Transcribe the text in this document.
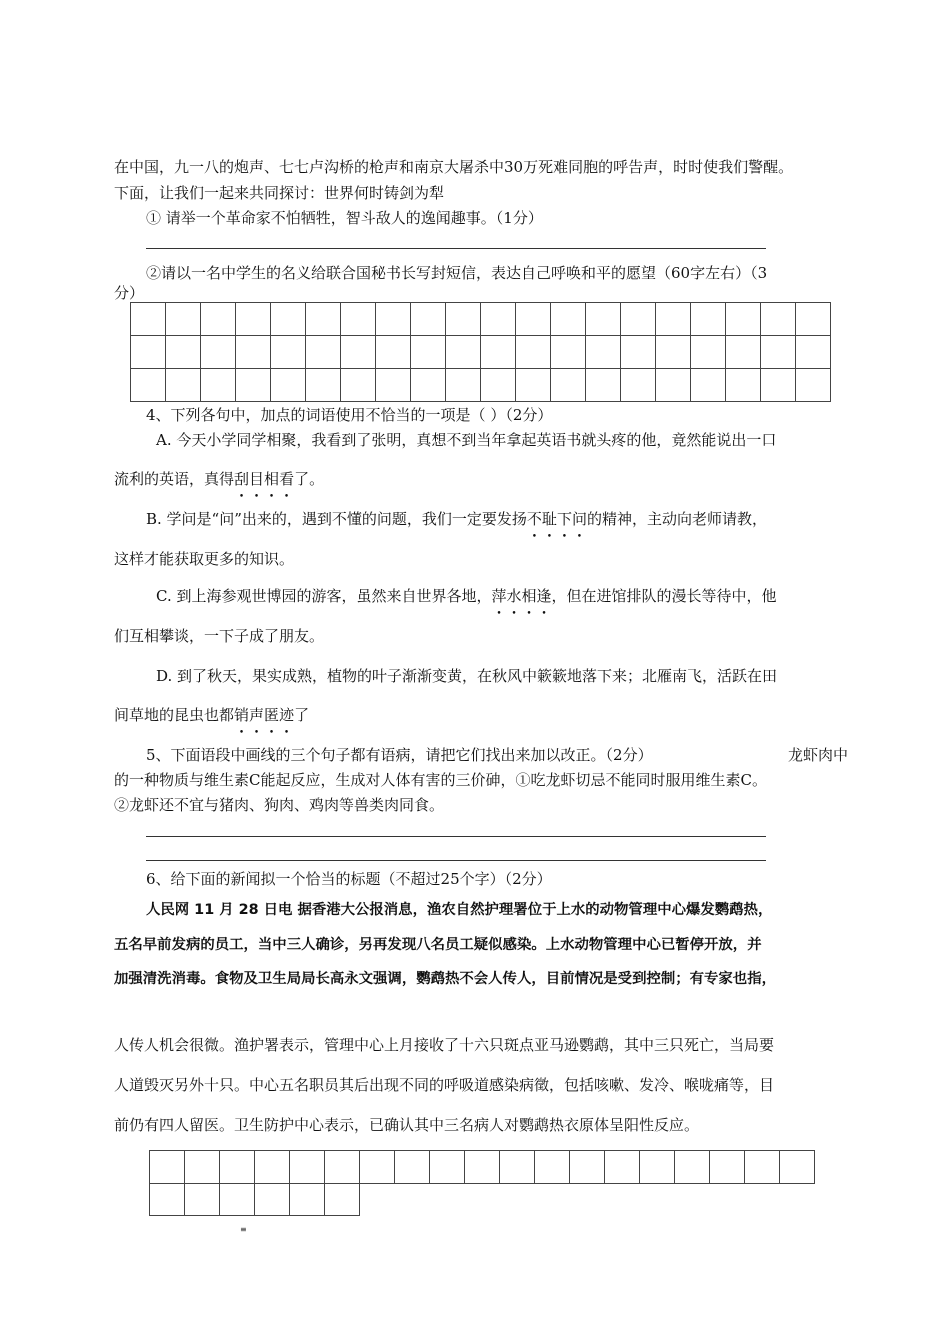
在中国，九一八的炮声、七七卢沟桥的枪声和南京大屠杀中30万死难同胞的呼告声，时时使我们警醒。
下面，让我们一起来共同探讨：世界何时铸剑为犁
① 请举一个革命家不怕牺牲，智斗敌人的逸闻趣事。（1分）
②请以一名中学生的名义给联合国秘书长写封短信，表达自己呼唤和平的愿望（60字左右）（3
分）

4、下列各句中，加点的词语使用不恰当的一项是（ ）（2分）
A. 今天小学同学相聚，我看到了张明，真想不到当年拿起英语书就头疼的他，竟然能说出一口
流利的英语，真得刮目相看了。
B. 学问是“问”出来的，遇到不懂的问题，我们一定要发扬不耻下问的精神，主动向老师请教，
这样才能获取更多的知识。
C. 到上海参观世博园的游客，虽然来自世界各地，萍水相逢，但在进馆排队的漫长等待中，他
们互相攀谈，一下子成了朋友。
D. 到了秋天，果实成熟，植物的叶子渐渐变黄，在秋风中簌簌地落下来；北雁南飞，活跃在田
间草地的昆虫也都销声匿迹了
5、下面语段中画线的三个句子都有语病，请把它们找出来加以改正。（2分）	龙虾肉中
的一种物质与维生素C能起反应，生成对人体有害的三价砷，①吃龙虾切忌不能同时服用维生素C。
②龙虾还不宜与猪肉、狗肉、鸡肉等兽类肉同食。
6、给下面的新闻拟一个恰当的标题（不超过25个字）（2分）
人民网 11 月 28 日电 据香港大公报消息，渔农自然护理署位于上水的动物管理中心爆发鹦鹉热，
五名早前发病的员工，当中三人确诊，另再发现八名员工疑似感染。上水动物管理中心已暂停开放，并
加强清洗消毒。食物及卫生局局长高永文强调，鹦鹉热不会人传人，目前情况是受到控制；有专家也指，
人传人机会很微。渔护署表示，管理中心上月接收了十六只斑点亚马逊鹦鹉，其中三只死亡，当局要
人道毁灭另外十只。中心五名职员其后出现不同的呼吸道感染病徵，包括咳嗽、发冷、喉咙痛等，目
前仍有四人留医。卫生防护中心表示，已确认其中三名病人对鹦鹉热衣原体呈阳性反应。

≡
